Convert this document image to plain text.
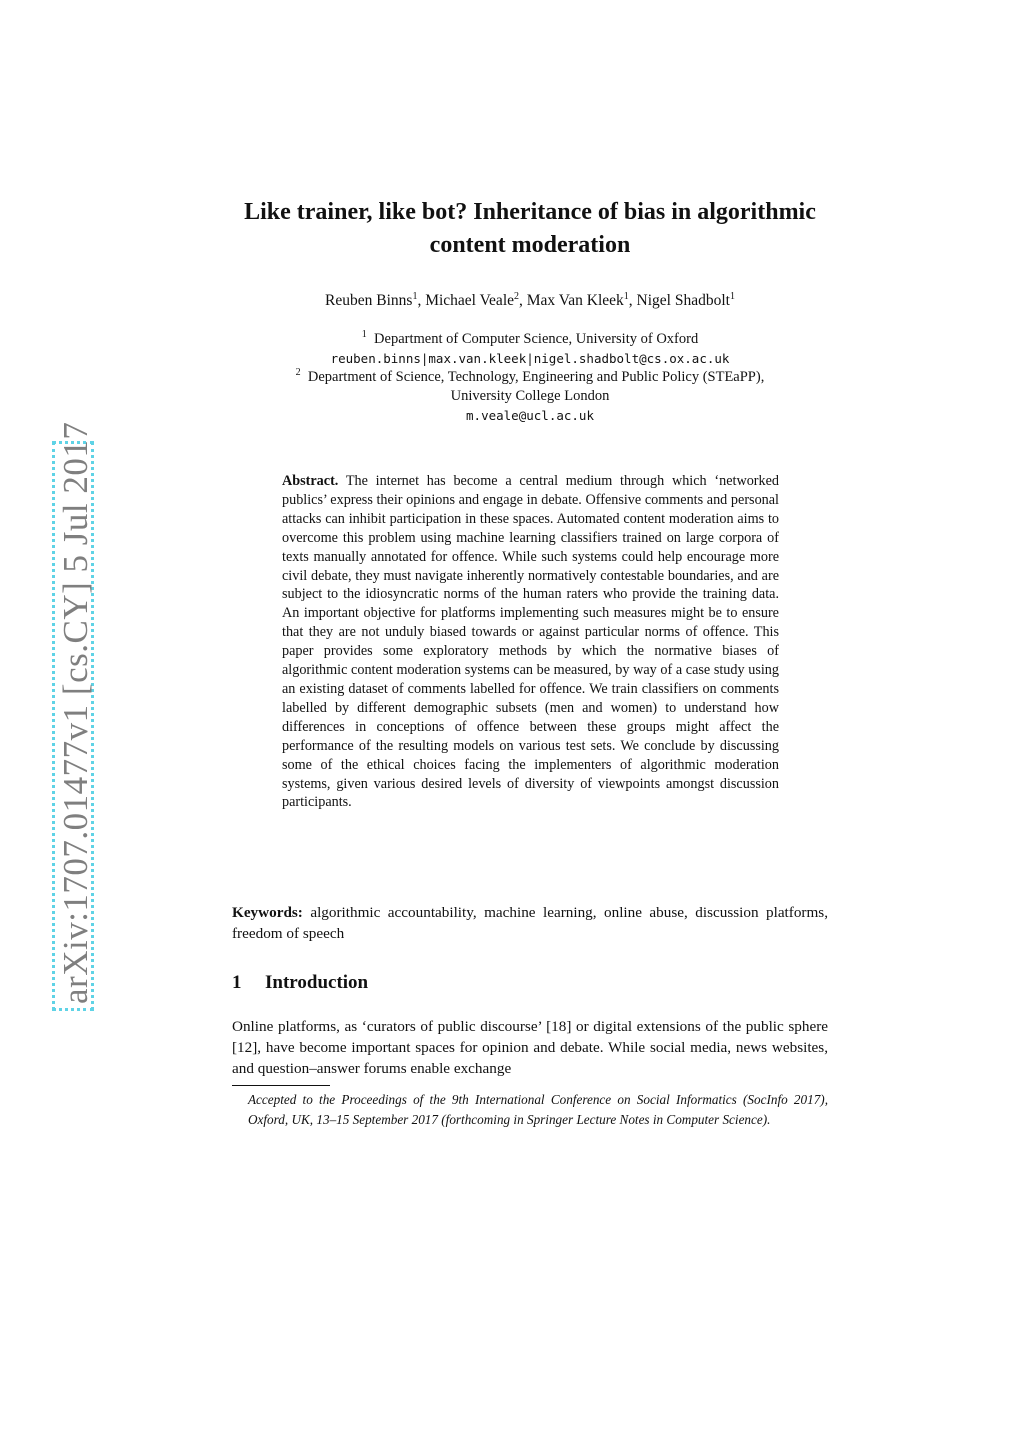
arXiv:1707.01477v1 [cs.CY] 5 Jul 2017
Like trainer, like bot? Inheritance of bias in algorithmic content moderation
Reuben Binns$^1$, Michael Veale$^2$, Max Van Kleek$^1$, Nigel Shadbolt$^1$
$^1$ Department of Computer Science, University of Oxford
reuben.binns|max.van.kleek|nigel.shadbolt@cs.ox.ac.uk
$^2$ Department of Science, Technology, Engineering and Public Policy (STEaPP),
University College London
m.veale@ucl.ac.uk
Abstract. The internet has become a central medium through which ‘networked publics’ express their opinions and engage in debate. Offensive comments and personal attacks can inhibit participation in these spaces. Automated content moderation aims to overcome this problem using machine learning classifiers trained on large corpora of texts manually annotated for offence. While such systems could help encourage more civil debate, they must navigate inherently normatively contestable boundaries, and are subject to the idiosyncratic norms of the human raters who provide the training data. An important objective for platforms implementing such measures might be to ensure that they are not unduly biased towards or against particular norms of offence. This paper provides some exploratory methods by which the normative biases of algorithmic content moderation systems can be measured, by way of a case study using an existing dataset of comments labelled for offence. We train classifiers on comments labelled by different demographic subsets (men and women) to understand how differences in conceptions of offence between these groups might affect the performance of the resulting models on various test sets. We conclude by discussing some of the ethical choices facing the implementers of algorithmic moderation systems, given various desired levels of diversity of viewpoints amongst discussion participants.
Keywords: algorithmic accountability, machine learning, online abuse, discussion platforms, freedom of speech
1 Introduction
Online platforms, as ‘curators of public discourse’ [18] or digital extensions of the public sphere [12], have become important spaces for opinion and debate. While social media, news websites, and question–answer forums enable exchange
Accepted to the Proceedings of the 9th International Conference on Social Informatics (SocInfo 2017), Oxford, UK, 13–15 September 2017 (forthcoming in Springer Lecture Notes in Computer Science).
